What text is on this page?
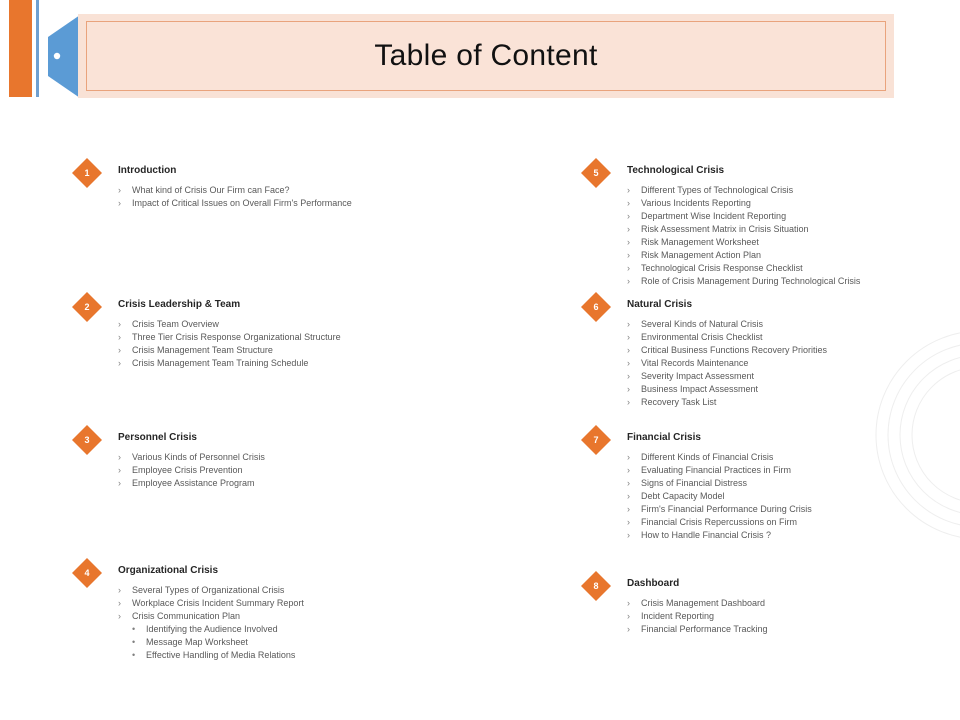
Table of Content
1	Introduction
› What kind of Crisis Our Firm can Face?
› Impact of Critical Issues on Overall Firm's Performance
2	Crisis Leadership & Team
› Crisis Team Overview
› Three Tier Crisis Response Organizational Structure
› Crisis Management Team Structure
› Crisis Management Team Training Schedule
3	Personnel Crisis
› Various Kinds of Personnel Crisis
› Employee Crisis Prevention
› Employee Assistance Program
4	Organizational Crisis
› Several Types of Organizational Crisis
› Workplace Crisis Incident Summary Report
› Crisis Communication Plan
• Identifying the Audience Involved
• Message Map Worksheet
• Effective Handling of Media Relations
5	Technological Crisis
› Different Types of Technological Crisis
› Various Incidents Reporting
› Department Wise Incident Reporting
› Risk Assessment Matrix in Crisis Situation
› Risk Management Worksheet
› Risk Management Action Plan
› Technological Crisis Response Checklist
› Role of Crisis Management During Technological Crisis
6	Natural Crisis
› Several Kinds of Natural Crisis
› Environmental Crisis Checklist
› Critical Business Functions Recovery Priorities
› Vital Records Maintenance
› Severity Impact Assessment
› Business Impact Assessment
› Recovery Task List
7	Financial Crisis
› Different Kinds of Financial Crisis
› Evaluating Financial Practices in Firm
› Signs of Financial Distress
› Debt Capacity Model
› Firm's Financial Performance During Crisis
› Financial Crisis Repercussions on Firm
› How to Handle Financial Crisis ?
8	Dashboard
› Crisis Management Dashboard
› Incident Reporting
› Financial Performance Tracking
